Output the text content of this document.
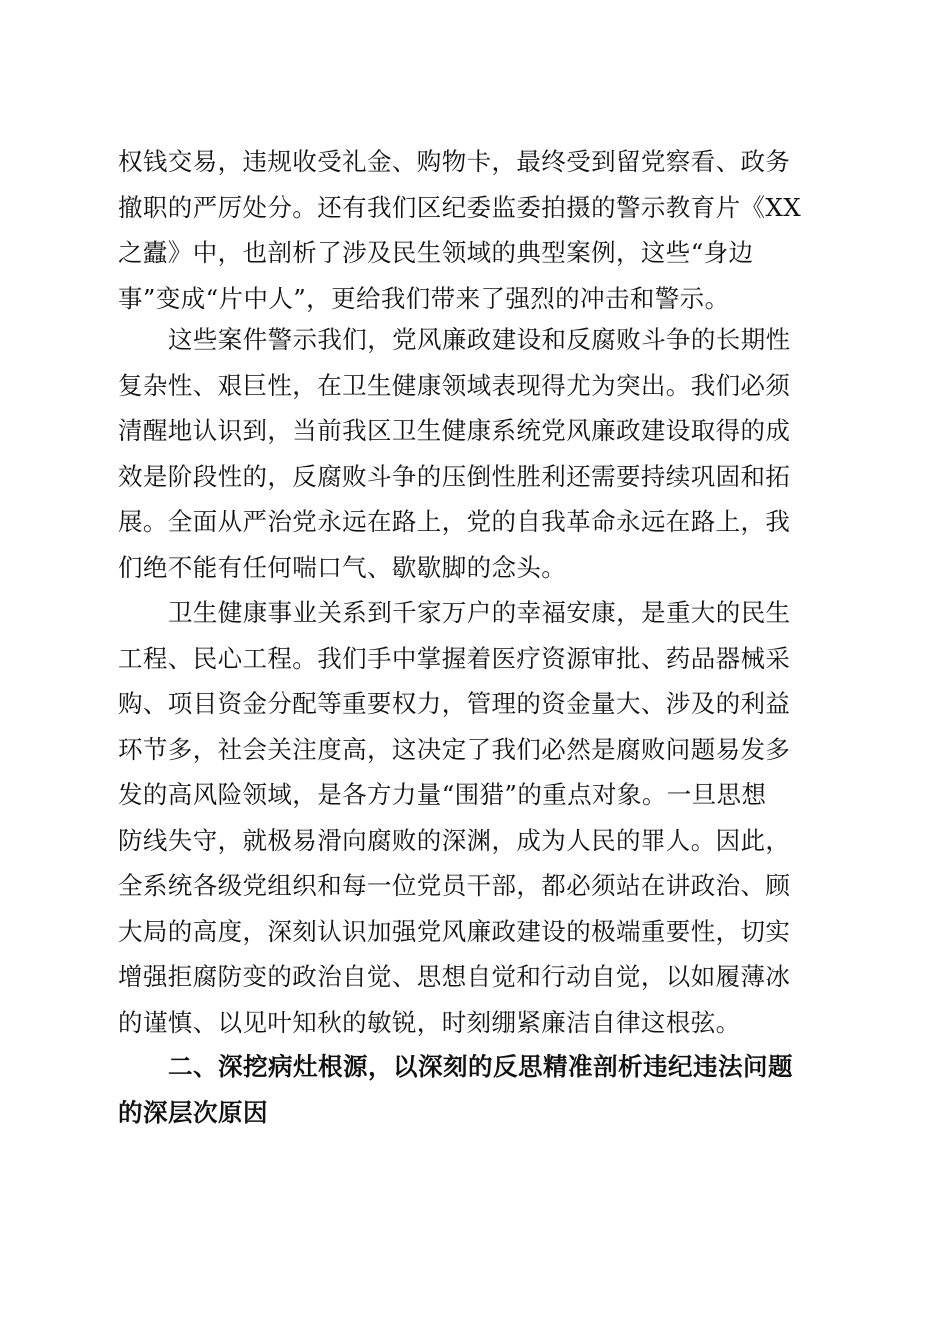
权钱交易，违规收受礼金、购物卡，最终受到留党察看、政务
撤职的严厉处分。还有我们区纪委监委拍摄的警示教育片《XX
之蠹》中，也剖析了涉及民生领域的典型案例，这些“身边
事”变成“片中人”，更给我们带来了强烈的冲击和警示。
这些案件警示我们，党风廉政建设和反腐败斗争的长期性
复杂性、艰巨性，在卫生健康领域表现得尤为突出。我们必须
清醒地认识到，当前我区卫生健康系统党风廉政建设取得的成
效是阶段性的，反腐败斗争的压倒性胜利还需要持续巩固和拓
展。全面从严治党永远在路上，党的自我革命永远在路上，我
们绝不能有任何喘口气、歇歇脚的念头。
卫生健康事业关系到千家万户的幸福安康，是重大的民生
工程、民心工程。我们手中掌握着医疗资源审批、药品器械采
购、项目资金分配等重要权力，管理的资金量大、涉及的利益
环节多，社会关注度高，这决定了我们必然是腐败问题易发多
发的高风险领域，是各方力量“围猎”的重点对象。一旦思想
防线失守，就极易滑向腐败的深渊，成为人民的罪人。因此，
全系统各级党组织和每一位党员干部，都必须站在讲政治、顾
大局的高度，深刻认识加强党风廉政建设的极端重要性，切实
增强拒腐防变的政治自觉、思想自觉和行动自觉，以如履薄冰
的谨慎、以见叶知秋的敏锐，时刻绷紧廉洁自律这根弦。
二、深挖病灶根源，以深刻的反思精准剖析违纪违法问题
的深层次原因
